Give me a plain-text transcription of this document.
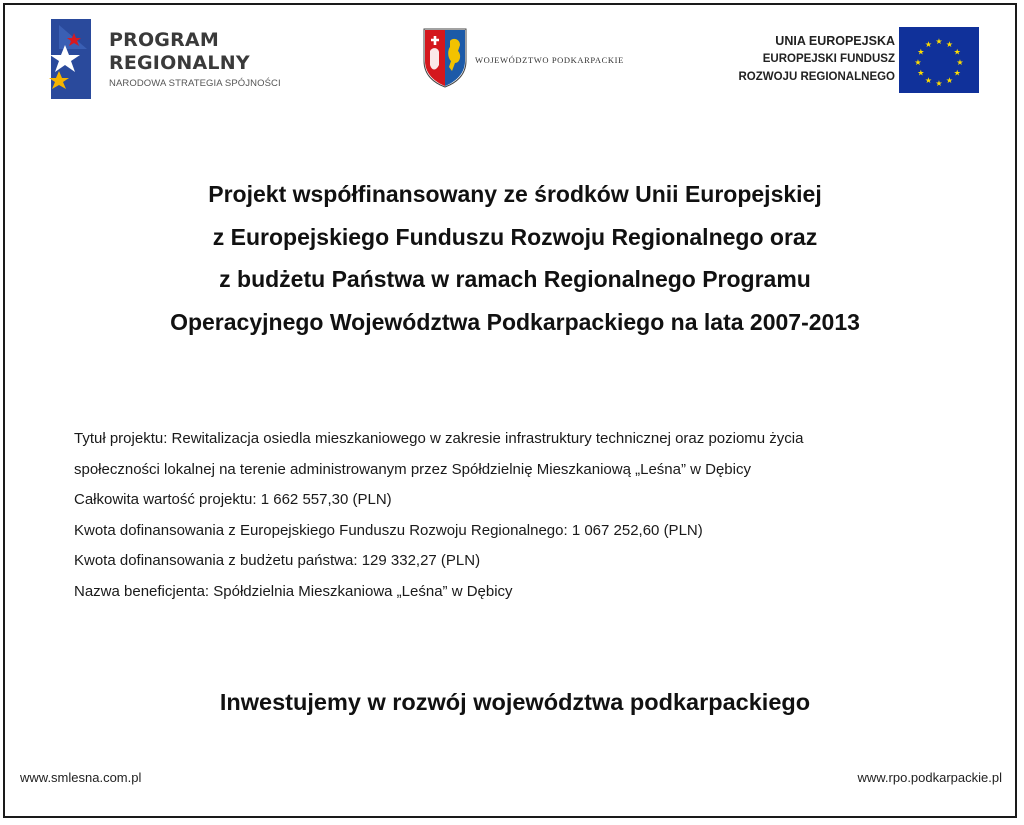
PROGRAM
REGIONALNY
NARODOWA STRATEGIA SPÓJNOŚCI
WOJEWÓDZTWO PODKARPACKIE
UNIA EUROPEJSKA
EUROPEJSKI FUNDUSZ
ROZWOJU REGIONALNEGO
★ ★
★
★
★
★
★
★
★
★
★
★
Projekt współfinansowany ze środków Unii Europejskiej
z Europejskiego Funduszu Rozwoju Regionalnego oraz
z budżetu Państwa w ramach Regionalnego Programu
Operacyjnego Województwa Podkarpackiego na lata 2007-2013
Tytuł projektu: Rewitalizacja osiedla mieszkaniowego w zakresie infrastruktury technicznej oraz poziomu życia
społeczności lokalnej na terenie administrowanym przez Spółdzielnię Mieszkaniową „Leśna” w Dębicy
Całkowita wartość projektu: 1 662 557,30 (PLN)
Kwota dofinansowania z Europejskiego Funduszu Rozwoju Regionalnego: 1 067 252,60 (PLN)
Kwota dofinansowania z budżetu państwa: 129 332,27 (PLN)
Nazwa beneficjenta: Spółdzielnia Mieszkaniowa „Leśna” w Dębicy
Inwestujemy w rozwój województwa podkarpackiego
www.smlesna.com.pl	www.rpo.podkarpackie.pl
